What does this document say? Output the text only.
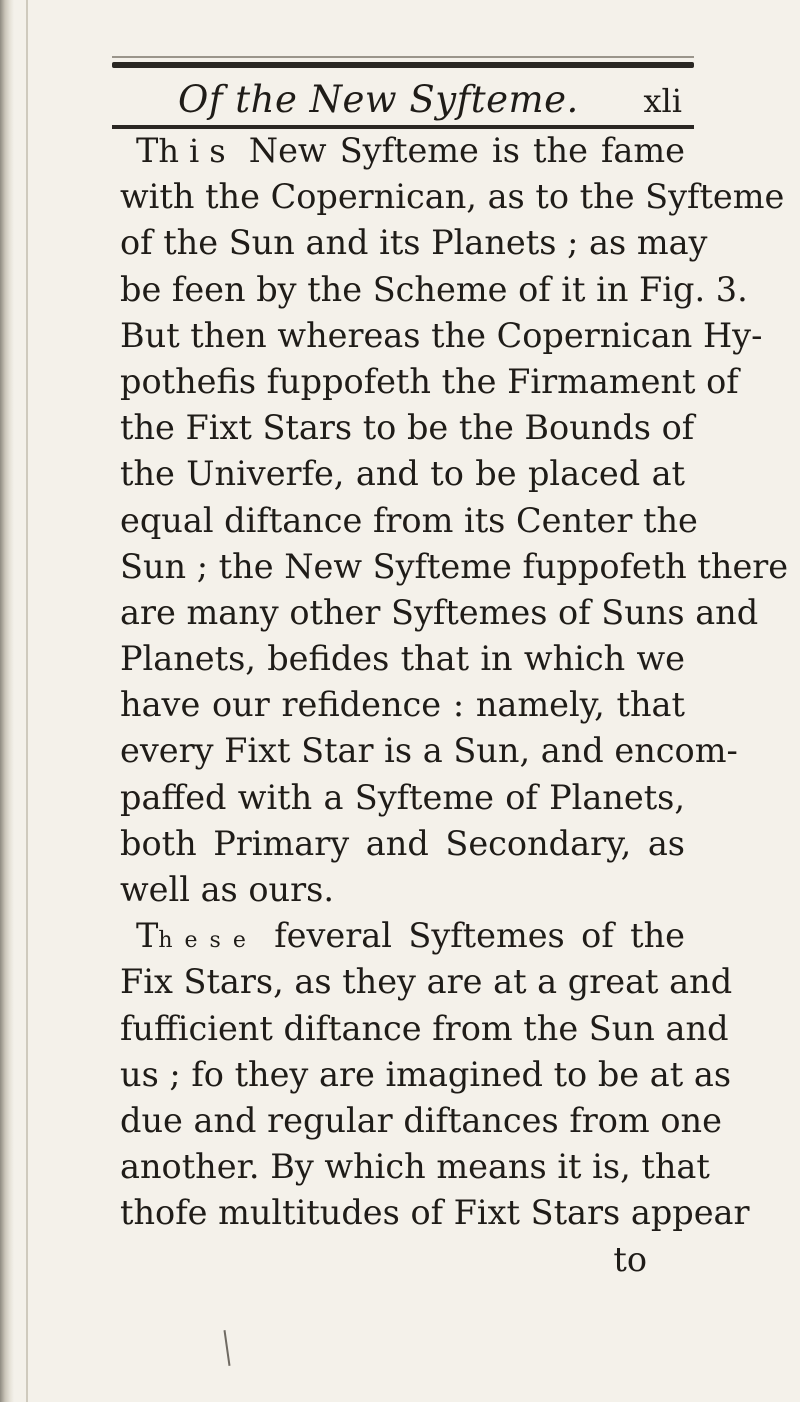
Of the New Syfteme. xli
This New Syfteme is the fame
with the Copernican, as to the Syfteme
of the Sun and its Planets ; as may
be feen by the Scheme of it in Fig. 3.
But then whereas the Copernican Hy-
pothefis fuppofeth the Firmament of
the Fixt Stars to be the Bounds of
the Univerfe, and to be placed at
equal diftance from its Center the
Sun ; the New Syfteme fuppofeth there
are many other Syftemes of Suns and
Planets, befides that in which we
have our refidence : namely, that
every Fixt Star is a Sun, and encom-
paffed with a Syfteme of Planets,
both Primary and Secondary, as
well as ours.
These feveral Syftemes of the
Fix Stars, as they are at a great and
fufficient diftance from the Sun and
us ; fo they are imagined to be at as
due and regular diftances from one
another. By which means it is, that
thofe multitudes of Fixt Stars appear
to
